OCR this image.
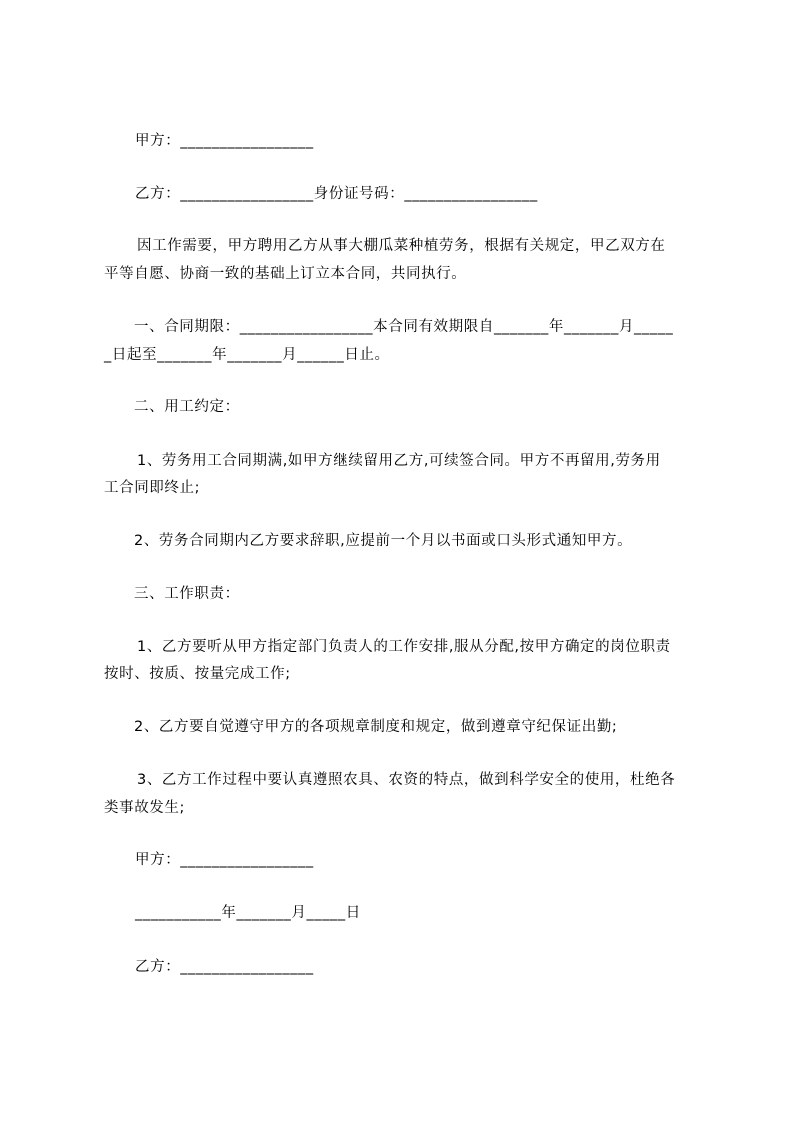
甲方：_________________
乙方：_________________身份证号码：_________________
因工作需要，甲方聘用乙方从事大棚瓜菜种植劳务，根据有关规定，甲乙双方在
平等自愿、协商一致的基础上订立本合同，共同执行。
一、合同期限：_________________本合同有效期限自_______年_______月_____
_日起至_______年_______月______日止。
二、用工约定：
1、劳务用工合同期满,如甲方继续留用乙方,可续签合同。甲方不再留用,劳务用
工合同即终止;
2、劳务合同期内乙方要求辞职,应提前一个月以书面或口头形式通知甲方。
三、工作职责：
1、乙方要听从甲方指定部门负责人的工作安排,服从分配,按甲方确定的岗位职责
按时、按质、按量完成工作;
2、乙方要自觉遵守甲方的各项规章制度和规定，做到遵章守纪保证出勤;
3、乙方工作过程中要认真遵照农具、农资的特点，做到科学安全的使用，杜绝各
类事故发生;
甲方：_________________
___________年_______月_____日
乙方：_________________
